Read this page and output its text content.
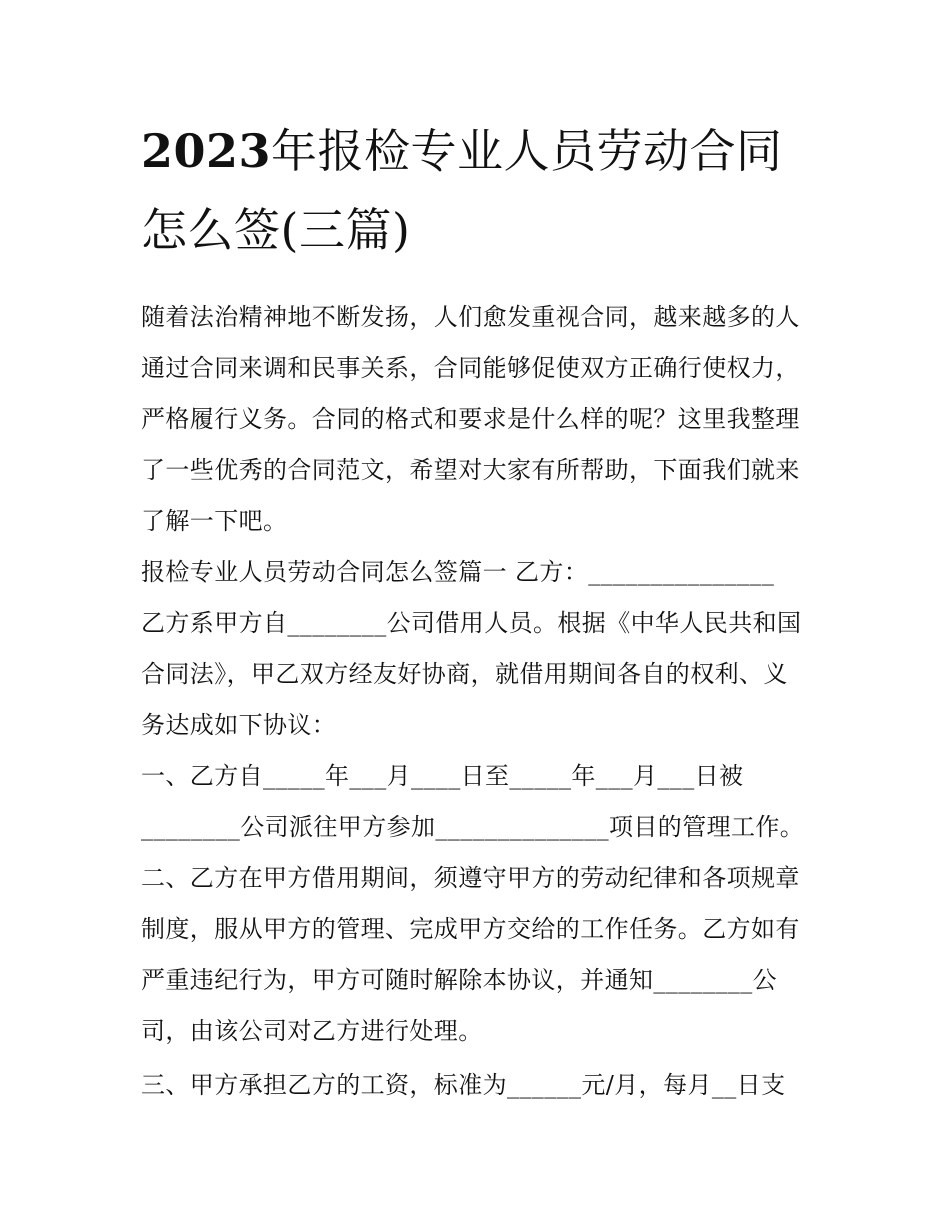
2023年报检专业人员劳动合同
怎么签(三篇)

随着法治精神地不断发扬，人们愈发重视合同，越来越多的人
通过合同来调和民事关系，合同能够促使双方正确行使权力，
严格履行义务。合同的格式和要求是什么样的呢？这里我整理
了一些优秀的合同范文，希望对大家有所帮助，下面我们就来
了解一下吧。

报检专业人员劳动合同怎么签篇一 乙方：_______________
乙方系甲方自________公司借用人员。根据《中华人民共和国
合同法》，甲乙双方经友好协商，就借用期间各自的权利、义
务达成如下协议：

一、乙方自_____年___月____日至_____年___月___日被
________公司派往甲方参加______________项目的管理工作。

二、乙方在甲方借用期间，须遵守甲方的劳动纪律和各项规章
制度，服从甲方的管理、完成甲方交给的工作任务。乙方如有
严重违纪行为，甲方可随时解除本协议，并通知________公
司，由该公司对乙方进行处理。

三、甲方承担乙方的工资，标准为______元/月，每月__日支
